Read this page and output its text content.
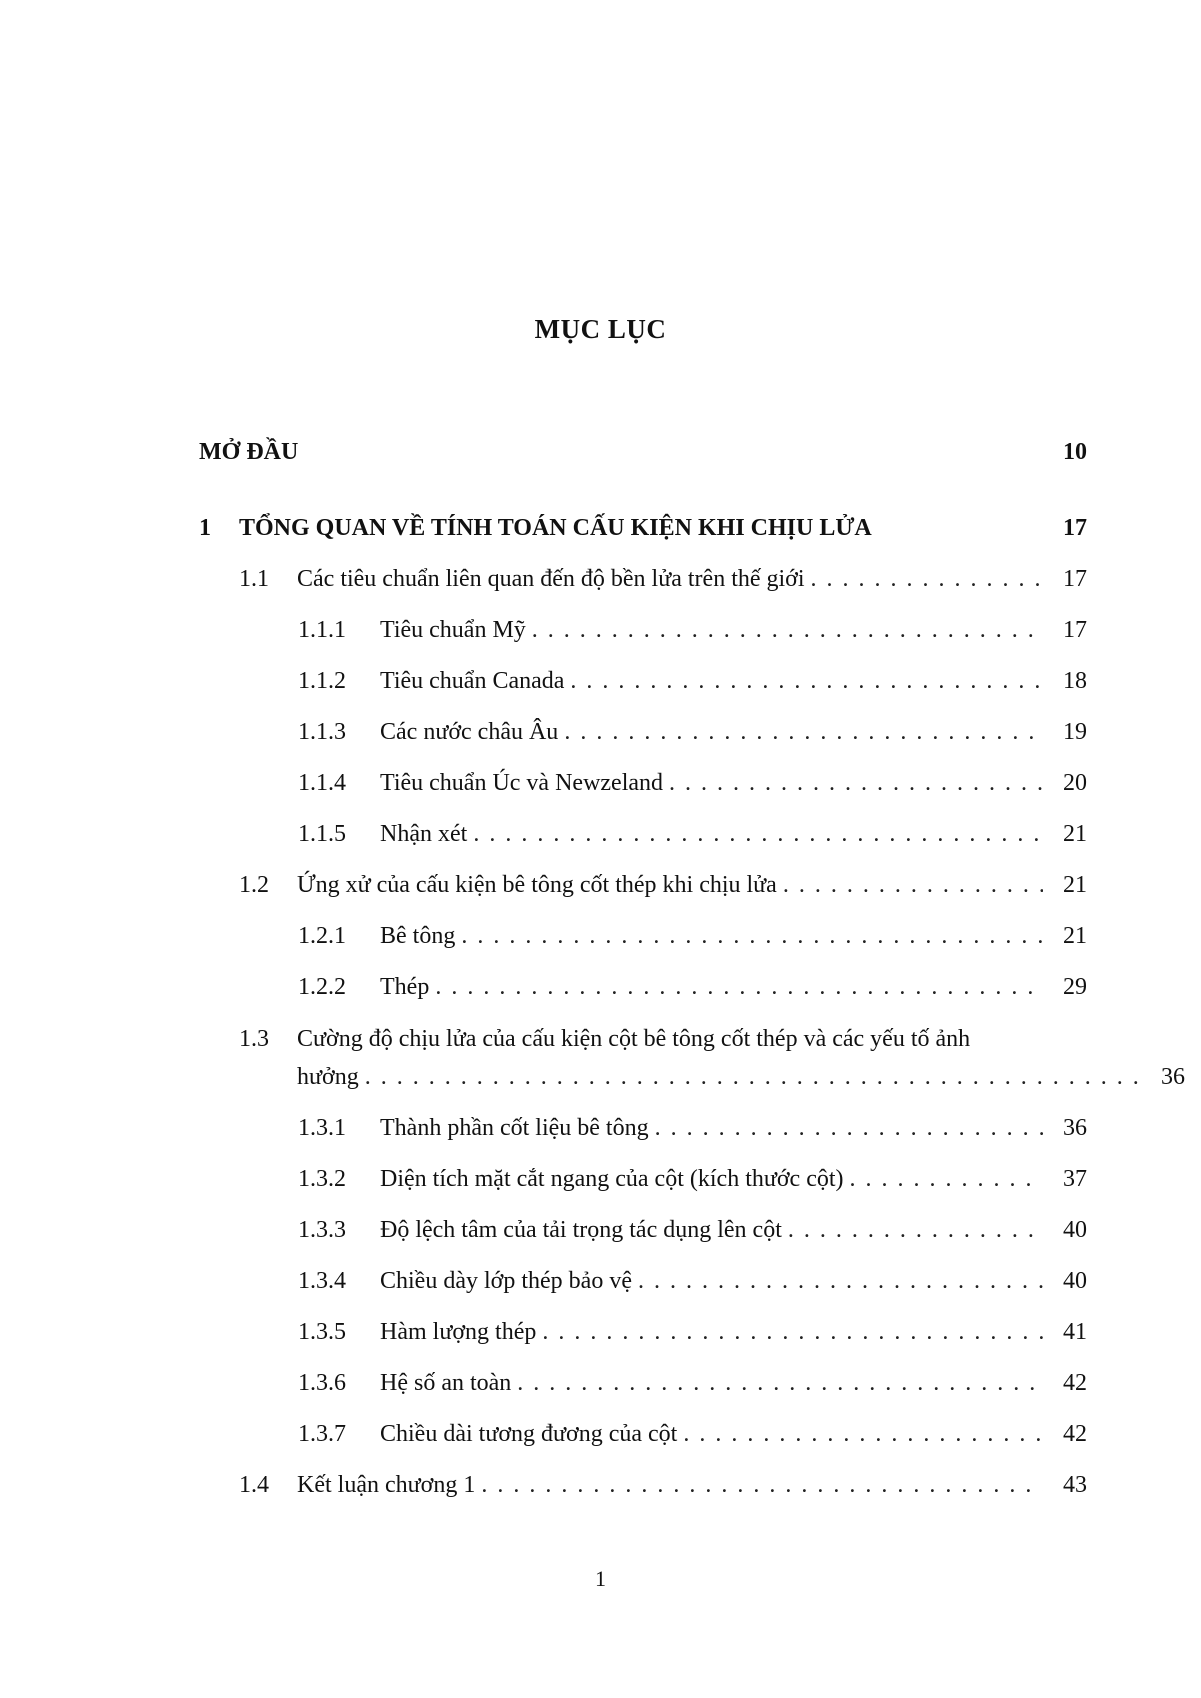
MỤC LỤC
MỞ ĐẦU	10
1	TỔNG QUAN VỀ TÍNH TOÁN CẤU KIỆN KHI CHỊU LỬA	17
1.1	Các tiêu chuẩn liên quan đến độ bền lửa trên thế giới . . .	17
1.1.1	Tiêu chuẩn Mỹ . . .	17
1.1.2	Tiêu chuẩn Canada . . .	18
1.1.3	Các nước châu Âu . . .	19
1.1.4	Tiêu chuẩn Úc và Newzeland . . .	20
1.1.5	Nhận xét . . .	21
1.2	Ứng xử của cấu kiện bê tông cốt thép khi chịu lửa . . .	21
1.2.1	Bê tông . . .	21
1.2.2	Thép . . .	29
1.3	Cường độ chịu lửa của cấu kiện cột bê tông cốt thép và các yếu tố ảnh
hưởng . . .	36
1.3.1	Thành phần cốt liệu bê tông . . .	36
1.3.2	Diện tích mặt cắt ngang của cột (kích thước cột) . . .	37
1.3.3	Độ lệch tâm của tải trọng tác dụng lên cột . . .	40
1.3.4	Chiều dày lớp thép bảo vệ . . .	40
1.3.5	Hàm lượng thép . . .	41
1.3.6	Hệ số an toàn . . .	42
1.3.7	Chiều dài tương đương của cột . . .	42
1.4	Kết luận chương 1 . . .	43
1
